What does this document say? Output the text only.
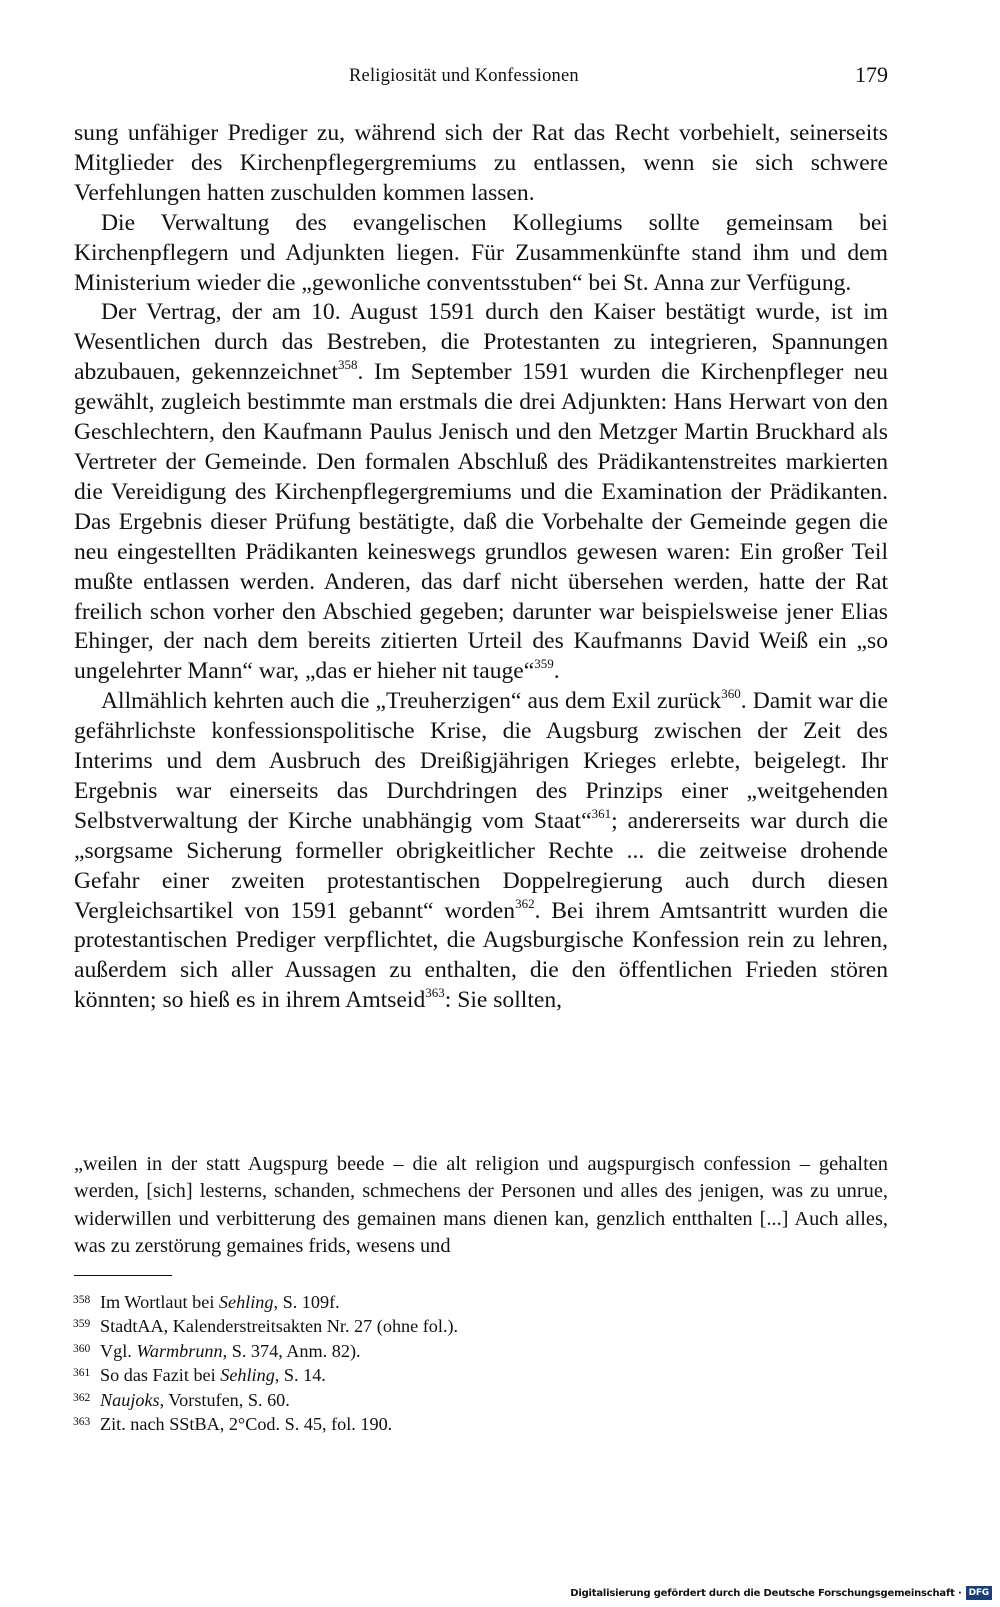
Religiosität und Konfessionen	179

sung unfähiger Prediger zu, während sich der Rat das Recht vorbehielt, seinerseits Mitglieder des Kirchenpflegergremiums zu entlassen, wenn sie sich schwere Verfehlungen hatten zuschulden kommen lassen.

Die Verwaltung des evangelischen Kollegiums sollte gemeinsam bei Kirchenpflegern und Adjunkten liegen. Für Zusammenkünfte stand ihm und dem Ministerium wieder die „gewonliche conventsstuben“ bei St. Anna zur Verfügung.

Der Vertrag, der am 10. August 1591 durch den Kaiser bestätigt wurde, ist im Wesentlichen durch das Bestreben, die Protestanten zu integrieren, Spannungen abzubauen, gekennzeichnet$^{358}$. Im September 1591 wurden die Kirchenpfleger neu gewählt, zugleich bestimmte man erstmals die drei Adjunkten: Hans Herwart von den Geschlechtern, den Kaufmann Paulus Jenisch und den Metzger Martin Bruckhard als Vertreter der Gemeinde. Den formalen Abschluß des Prädikantenstreites markierten die Vereidigung des Kirchenpflegergremiums und die Examination der Prädikanten. Das Ergebnis dieser Prüfung bestätigte, daß die Vorbehalte der Gemeinde gegen die neu eingestellten Prädikanten keineswegs grundlos gewesen waren: Ein großer Teil mußte entlassen werden. Anderen, das darf nicht übersehen werden, hatte der Rat freilich schon vorher den Abschied gegeben; darunter war beispielsweise jener Elias Ehinger, der nach dem bereits zitierten Urteil des Kaufmanns David Weiß ein „so ungelehrter Mann“ war, „das er hieher nit tauge“$^{359}$.

Allmählich kehrten auch die „Treuherzigen“ aus dem Exil zurück$^{360}$. Damit war die gefährlichste konfessionspolitische Krise, die Augsburg zwischen der Zeit des Interims und dem Ausbruch des Dreißigjährigen Krieges erlebte, beigelegt. Ihr Ergebnis war einerseits das Durchdringen des Prinzips einer „weitgehenden Selbstverwaltung der Kirche unabhängig vom Staat“$^{361}$; andererseits war durch die „sorgsame Sicherung formeller obrigkeitlicher Rechte ... die zeitweise drohende Gefahr einer zweiten protestantischen Doppelregierung auch durch diesen Vergleichsartikel von 1591 gebannt“ worden$^{362}$. Bei ihrem Amtsantritt wurden die protestantischen Prediger verpflichtet, die Augsburgische Konfession rein zu lehren, außerdem sich aller Aussagen zu enthalten, die den öffentlichen Frieden stören könnten; so hieß es in ihrem Amtseid$^{363}$: Sie sollten,

„weilen in der statt Augspurg beede – die alt religion und augspurgisch confession – gehalten werden, [sich] lesterns, schanden, schmechens der Personen und alles des jenigen, was zu unrue, widerwillen und verbitterung des gemainen mans dienen kan, genzlich entthalten [...] Auch alles, was zu zerstörung gemaines frids, wesens und

358 Im Wortlaut bei Sehling, S. 109f.
359 StadtAA, Kalenderstreitsakten Nr. 27 (ohne fol.).
360 Vgl. Warmbrunn, S. 374, Anm. 82).
361 So das Fazit bei Sehling, S. 14.
362 Naujoks, Vorstufen, S. 60.
363 Zit. nach SStBA, 2°Cod. S. 45, fol. 190.
Digitalisierung gefördert durch die Deutsche Forschungsgemeinschaft · DFG
